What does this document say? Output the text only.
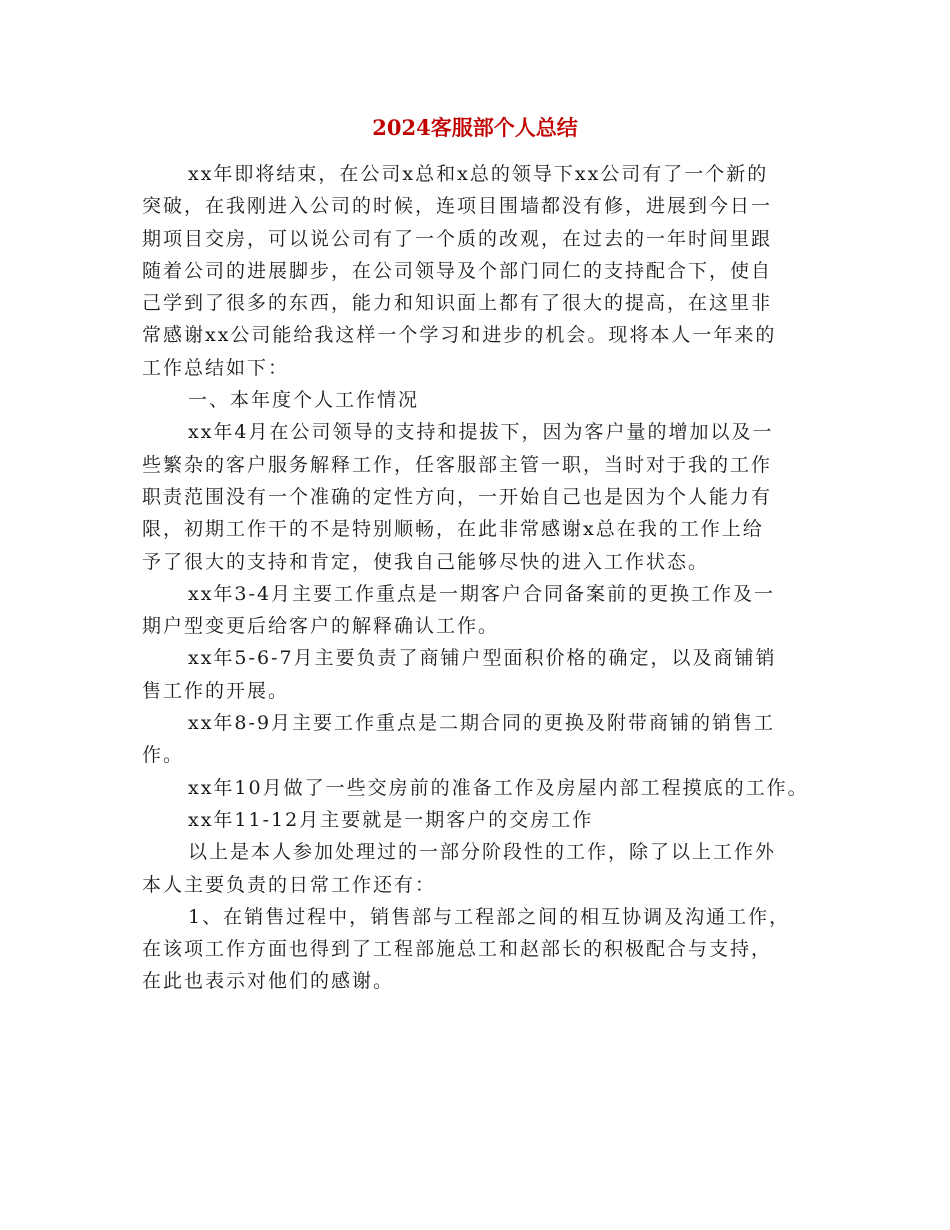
2024客服部个人总结
xx年即将结束，在公司x总和x总的领导下xx公司有了一个新的
突破，在我刚进入公司的时候，连项目围墙都没有修，进展到今日一
期项目交房，可以说公司有了一个质的改观，在过去的一年时间里跟
随着公司的进展脚步，在公司领导及个部门同仁的支持配合下，使自
己学到了很多的东西，能力和知识面上都有了很大的提高，在这里非
常感谢xx公司能给我这样一个学习和进步的机会。现将本人一年来的
工作总结如下：
一、本年度个人工作情况
xx年4月在公司领导的支持和提拔下，因为客户量的增加以及一
些繁杂的客户服务解释工作，任客服部主管一职，当时对于我的工作
职责范围没有一个准确的定性方向，一开始自己也是因为个人能力有
限，初期工作干的不是特别顺畅，在此非常感谢x总在我的工作上给
予了很大的支持和肯定，使我自己能够尽快的进入工作状态。
xx年3-4月主要工作重点是一期客户合同备案前的更换工作及一
期户型变更后给客户的解释确认工作。
xx年5-6-7月主要负责了商铺户型面积价格的确定，以及商铺销
售工作的开展。
xx年8-9月主要工作重点是二期合同的更换及附带商铺的销售工
作。
xx年10月做了一些交房前的准备工作及房屋内部工程摸底的工作。
xx年11-12月主要就是一期客户的交房工作
以上是本人参加处理过的一部分阶段性的工作，除了以上工作外
本人主要负责的日常工作还有：
1、在销售过程中，销售部与工程部之间的相互协调及沟通工作，
在该项工作方面也得到了工程部施总工和赵部长的积极配合与支持，
在此也表示对他们的感谢。
